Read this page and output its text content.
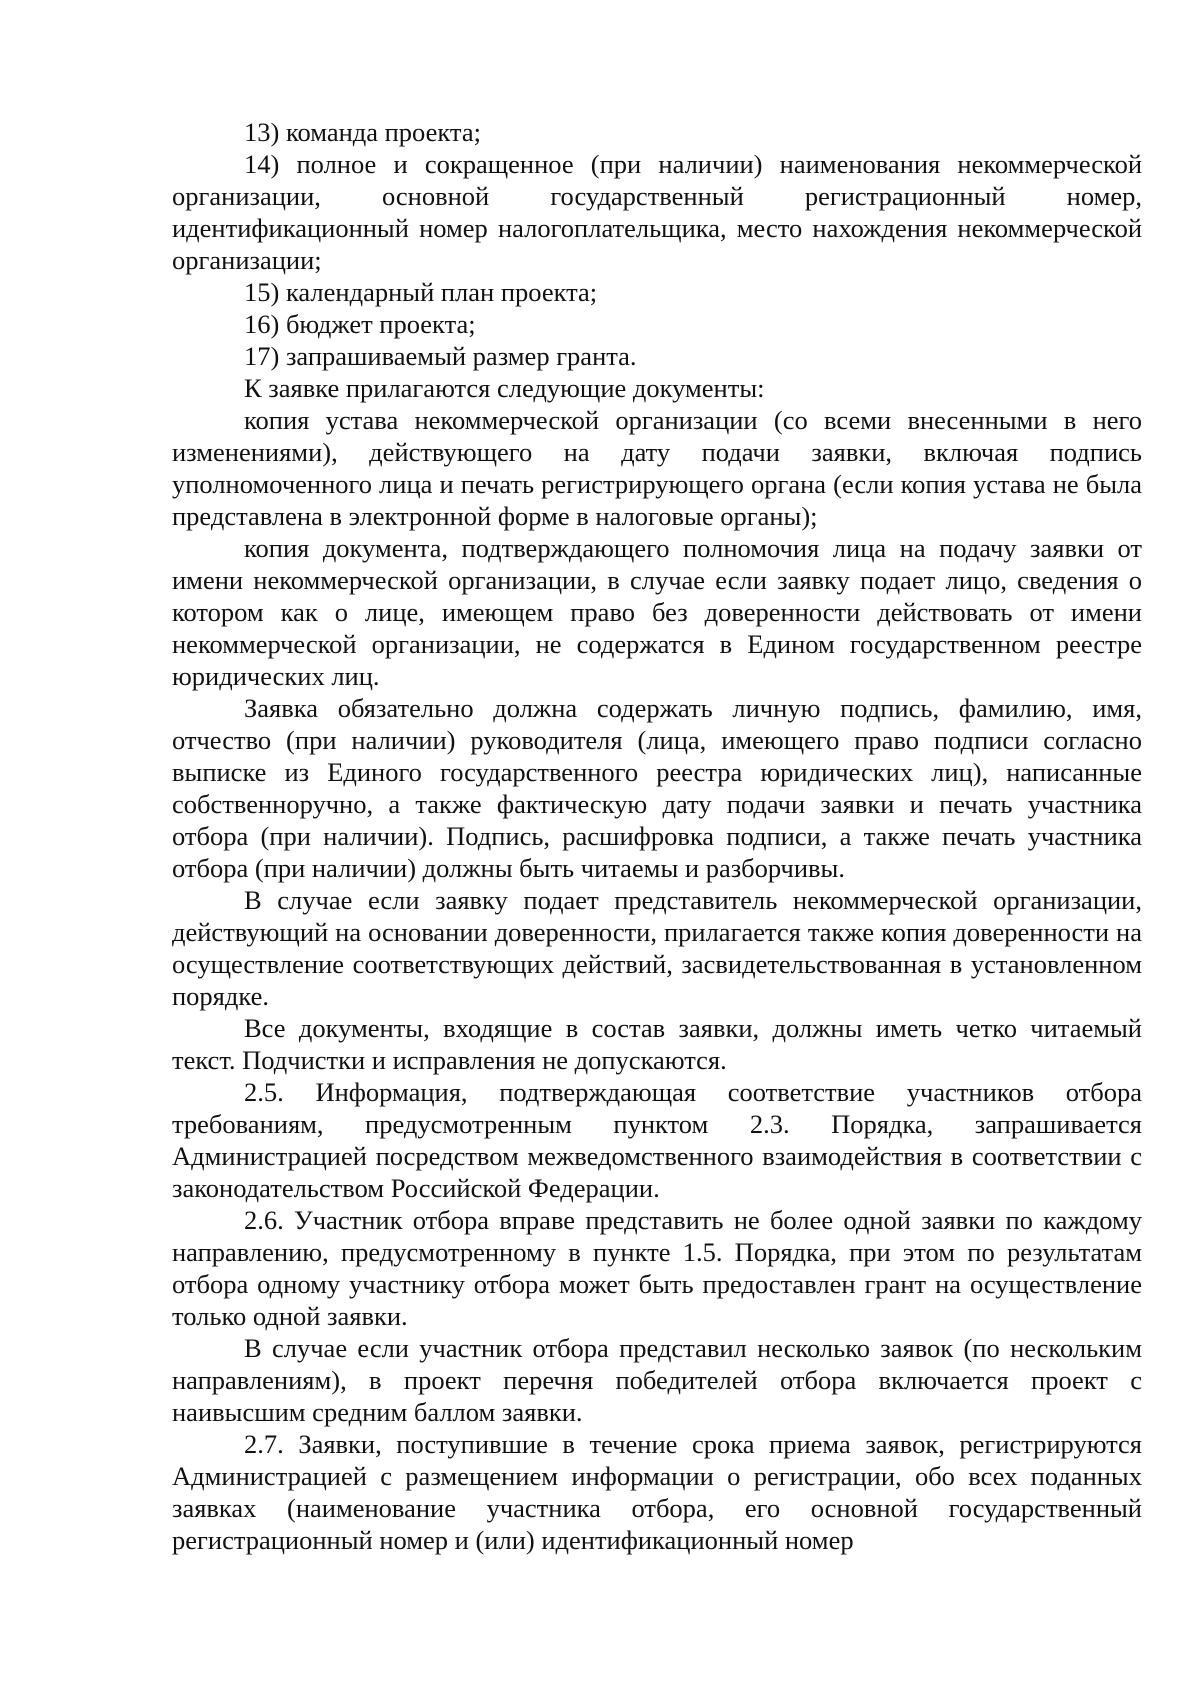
13) команда проекта;

14) полное и сокращенное (при наличии) наименования некоммерческой организации, основной государственный регистрационный номер, идентификационный номер налогоплательщика, место нахождения некоммерческой организации;

15) календарный план проекта;

16) бюджет проекта;

17) запрашиваемый размер гранта.

К заявке прилагаются следующие документы:

копия устава некоммерческой организации (со всеми внесенными в него изменениями), действующего на дату подачи заявки, включая подпись уполномоченного лица и печать регистрирующего органа (если копия устава не была представлена в электронной форме в налоговые органы);

копия документа, подтверждающего полномочия лица на подачу заявки от имени некоммерческой организации, в случае если заявку подает лицо, сведения о котором как о лице, имеющем право без доверенности действовать от имени некоммерческой организации, не содержатся в Едином государственном реестре юридических лиц.

Заявка обязательно должна содержать личную подпись, фамилию, имя, отчество (при наличии) руководителя (лица, имеющего право подписи согласно выписке из Единого государственного реестра юридических лиц), написанные собственноручно, а также фактическую дату подачи заявки и печать участника отбора (при наличии). Подпись, расшифровка подписи, а также печать участника отбора (при наличии) должны быть читаемы и разборчивы.

В случае если заявку подает представитель некоммерческой организации, действующий на основании доверенности, прилагается также копия доверенности на осуществление соответствующих действий, засвидетельствованная в установленном порядке.

Все документы, входящие в состав заявки, должны иметь четко читаемый текст. Подчистки и исправления не допускаются.

2.5. Информация, подтверждающая соответствие участников отбора требованиям, предусмотренным пунктом 2.3. Порядка, запрашивается Администрацией посредством межведомственного взаимодействия в соответствии с законодательством Российской Федерации.

2.6. Участник отбора вправе представить не более одной заявки по каждому направлению, предусмотренному в пункте 1.5. Порядка, при этом по результатам отбора одному участнику отбора может быть предоставлен грант на осуществление только одной заявки.

В случае если участник отбора представил несколько заявок (по нескольким направлениям), в проект перечня победителей отбора включается проект с наивысшим средним баллом заявки.

2.7. Заявки, поступившие в течение срока приема заявок, регистрируются Администрацией с размещением информации о регистрации, обо всех поданных заявках (наименование участника отбора, его основной государственный регистрационный номер и (или) идентификационный номер
